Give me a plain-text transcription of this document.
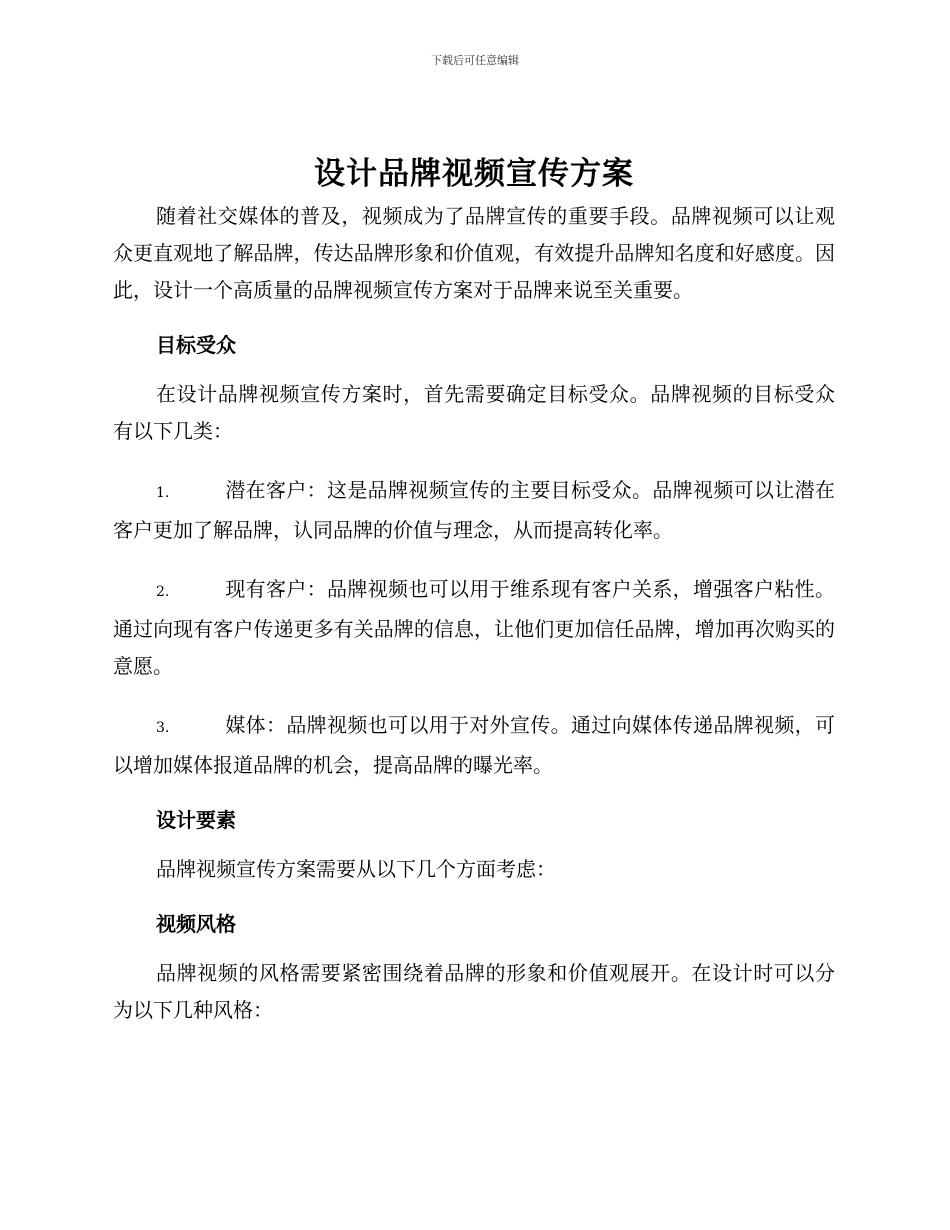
下载后可任意编辑
设计品牌视频宣传方案

随着社交媒体的普及，视频成为了品牌宣传的重要手段。品牌视频可以让观众更直观地了解品牌，传达品牌形象和价值观，有效提升品牌知名度和好感度。因此，设计一个高质量的品牌视频宣传方案对于品牌来说至关重要。

目标受众

在设计品牌视频宣传方案时，首先需要确定目标受众。品牌视频的目标受众有以下几类：

1.	潜在客户：这是品牌视频宣传的主要目标受众。品牌视频可以让潜在客户更加了解品牌，认同品牌的价值与理念，从而提高转化率。

2.	现有客户：品牌视频也可以用于维系现有客户关系，增强客户粘性。通过向现有客户传递更多有关品牌的信息，让他们更加信任品牌，增加再次购买的意愿。

3.	媒体：品牌视频也可以用于对外宣传。通过向媒体传递品牌视频，可以增加媒体报道品牌的机会，提高品牌的曝光率。

设计要素

品牌视频宣传方案需要从以下几个方面考虑：

视频风格

品牌视频的风格需要紧密围绕着品牌的形象和价值观展开。在设计时可以分为以下几种风格：
